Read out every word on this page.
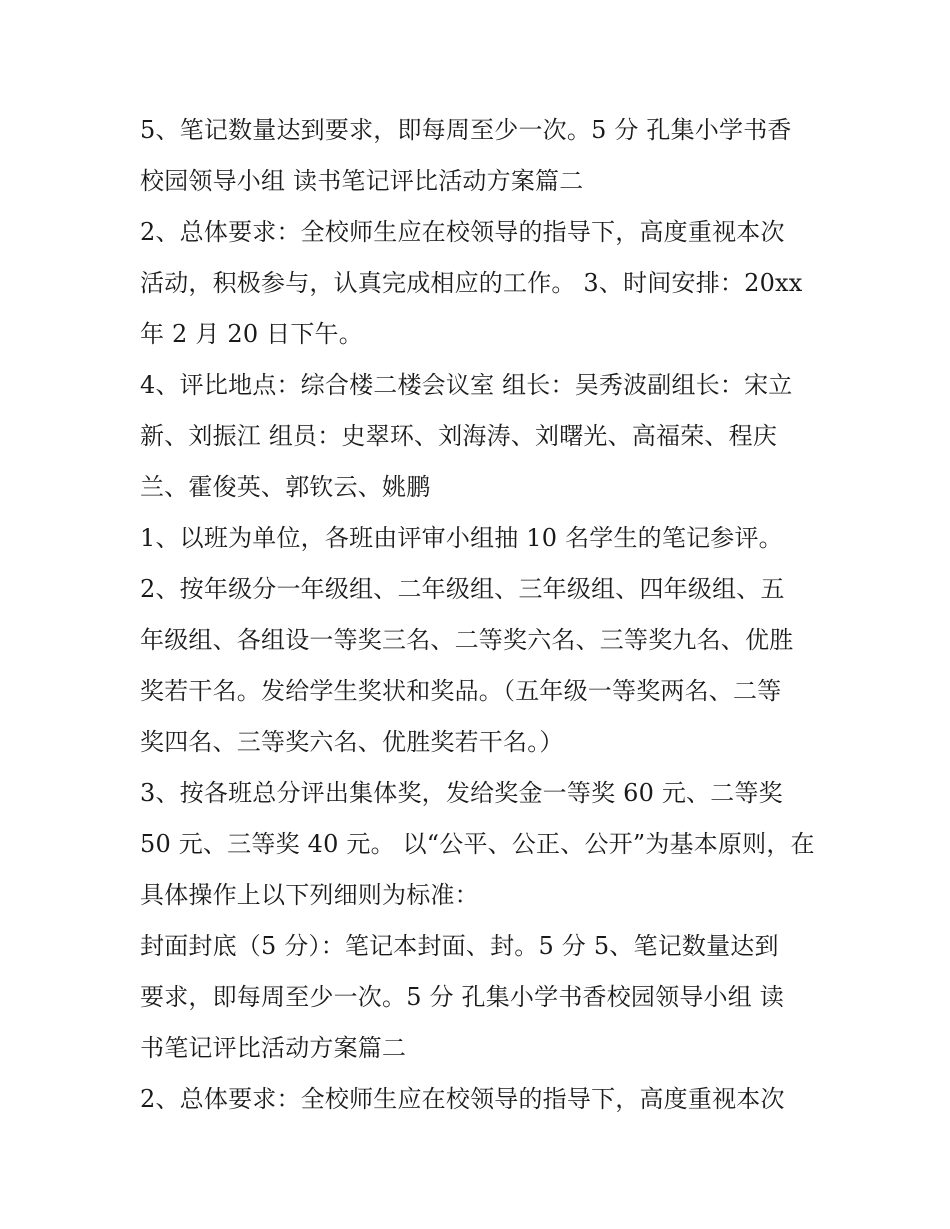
5、笔记数量达到要求，即每周至少一次。5 分 孔集小学书香
校园领导小组 读书笔记评比活动方案篇二
2、总体要求：全校师生应在校领导的指导下，高度重视本次
活动，积极参与，认真完成相应的工作。 3、时间安排：20xx
年 2 月 20 日下午。
4、评比地点：综合楼二楼会议室 组长：吴秀波副组长：宋立
新、刘振江 组员：史翠环、刘海涛、刘曙光、高福荣、程庆
兰、霍俊英、郭钦云、姚鹏
1、以班为单位，各班由评审小组抽 10 名学生的笔记参评。
2、按年级分一年级组、二年级组、三年级组、四年级组、五
年级组、各组设一等奖三名、二等奖六名、三等奖九名、优胜
奖若干名。发给学生奖状和奖品。（五年级一等奖两名、二等
奖四名、三等奖六名、优胜奖若干名。）
3、按各班总分评出集体奖，发给奖金一等奖 60 元、二等奖
50 元、三等奖 40 元。 以“公平、公正、公开”为基本原则，在
具体操作上以下列细则为标准：
封面封底（5 分）：笔记本封面、封。5 分 5、笔记数量达到
要求，即每周至少一次。5 分 孔集小学书香校园领导小组 读
书笔记评比活动方案篇二
2、总体要求：全校师生应在校领导的指导下，高度重视本次
